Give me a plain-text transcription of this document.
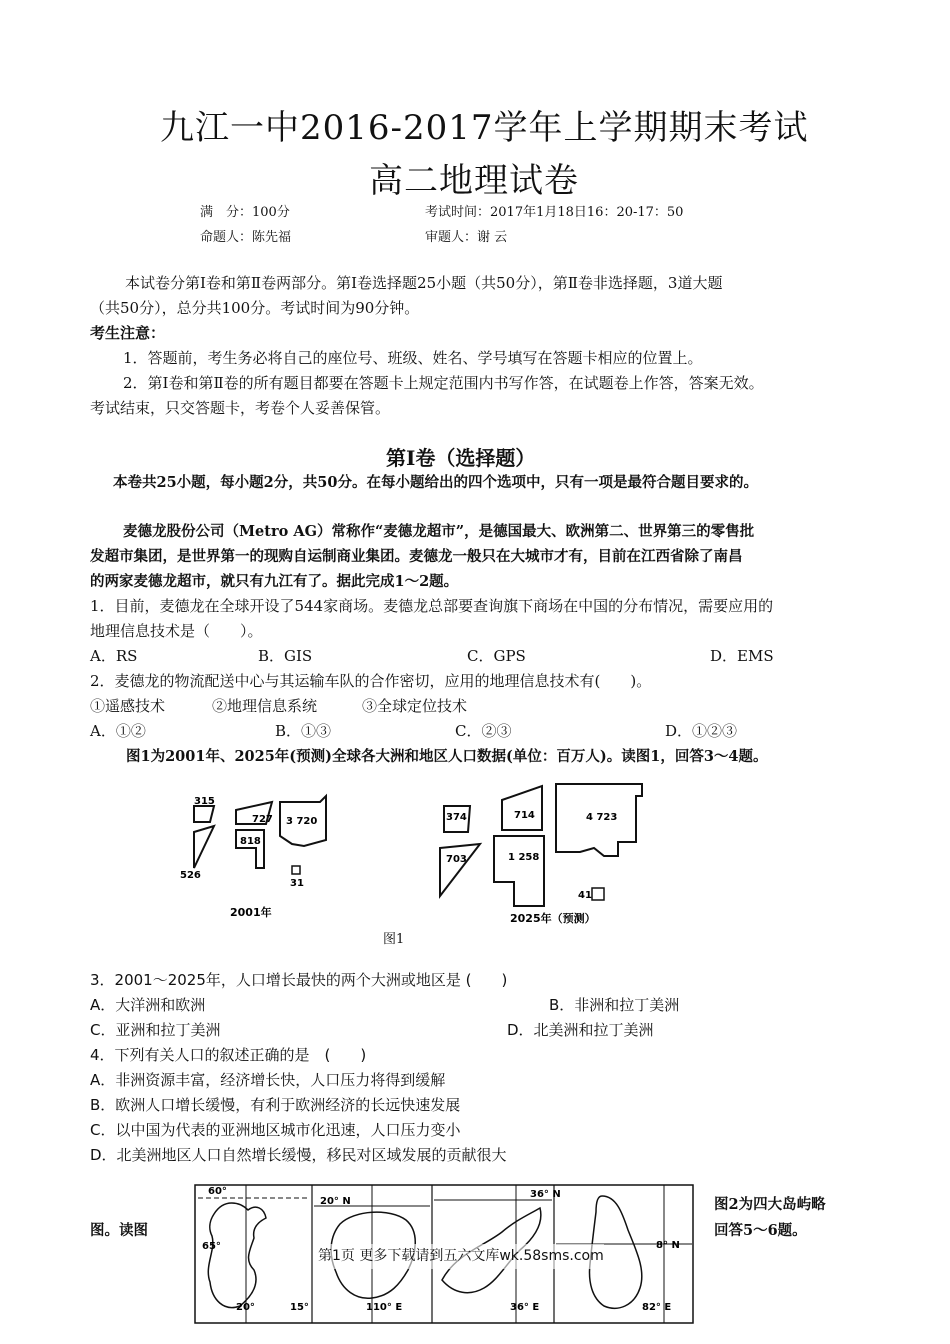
九江一中2016-2017学年上学期期末考试
高二地理试卷
满　分：100分	考试时间：2017年1月18日16：20-17：50
命题人：陈先福	审题人：谢 云
本试卷分第Ⅰ卷和第Ⅱ卷两部分。第Ⅰ卷选择题25小题（共50分），第Ⅱ卷非选择题，3道大题
（共50分），总分共100分。考试时间为90分钟。
考生注意：
1．答题前，考生务必将自己的座位号、班级、姓名、学号填写在答题卡相应的位置上。
2．第Ⅰ卷和第Ⅱ卷的所有题目都要在答题卡上规定范围内书写作答，在试题卷上作答，答案无效。
考试结束，只交答题卡，考卷个人妥善保管。
第Ⅰ卷（选择题）
本卷共25小题，每小题2分，共50分。在每小题给出的四个选项中，只有一项是最符合题目要求的。
麦德龙股份公司（Metro AG）常称作“麦德龙超市”，是德国最大、欧洲第二、世界第三的零售批
发超市集团，是世界第一的现购自运制商业集团。麦德龙一般只在大城市才有，目前在江西省除了南昌
的两家麦德龙超市，就只有九江有了。据此完成1～2题。
1．目前，麦德龙在全球开设了544家商场。麦德龙总部要查询旗下商场在中国的分布情况，需要应用的
地理信息技术是（　　）。
A．RS	B．GIS	C．GPS	D．EMS
2．麦德龙的物流配送中心与其运输车队的合作密切，应用的地理信息技术有(　　)。
①遥感技术	②地理信息系统	③全球定位技术
A．①②	B．①③	C．②③	D．①②③
图1为2001年、2025年(预测)全球各大洲和地区人口数据(单位：百万人)。读图1，回答3～4题。
315
526
727
818
3 720
31
2001年
374
703
714
1 258
4 723
41
2025年（预测）
图1
3．2001～2025年，人口增长最快的两个大洲或地区是 (　　)
A．大洋洲和欧洲	B．非洲和拉丁美洲
C．亚洲和拉丁美洲	D．北美洲和拉丁美洲
4．下列有关人口的叙述正确的是　(　　)
A．非洲资源丰富，经济增长快，人口压力将得到缓解
B．欧洲人口增长缓慢，有利于欧洲经济的长远快速发展
C．以中国为代表的亚洲地区城市化迅速，人口压力变小
D．北美洲地区人口自然增长缓慢，移民对区域发展的贡献很大
图。读图
图2为四大岛屿略
回答5～6题。
60°
65°
20°	15°
20° N
110° E
36° N
36° E
8° N
82° E
第1页 更多下载请到五六文库wk.58sms.com
